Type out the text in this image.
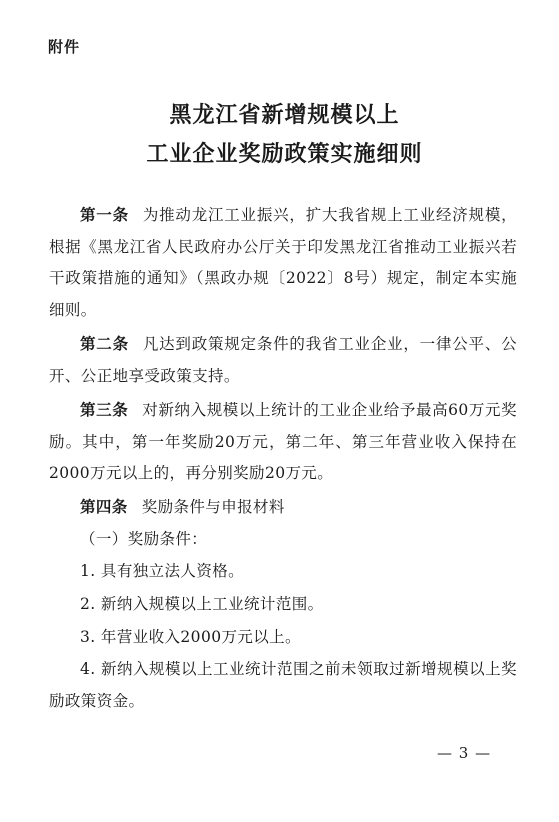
附件
黑龙江省新增规模以上
工业企业奖励政策实施细则
第一条 为推动龙江工业振兴，扩大我省规上工业经济规模，根据《黑龙江省人民政府办公厅关于印发黑龙江省推动工业振兴若干政策措施的通知》（黑政办规〔2022〕8号）规定，制定本实施细则。
第二条 凡达到政策规定条件的我省工业企业，一律公平、公开、公正地享受政策支持。
第三条 对新纳入规模以上统计的工业企业给予最高60万元奖励。其中，第一年奖励20万元，第二年、第三年营业收入保持在2000万元以上的，再分别奖励20万元。
第四条 奖励条件与申报材料
（一）奖励条件：
1. 具有独立法人资格。
2. 新纳入规模以上工业统计范围。
3. 年营业收入2000万元以上。
4. 新纳入规模以上工业统计范围之前未领取过新增规模以上奖励政策资金。
— 3 —
